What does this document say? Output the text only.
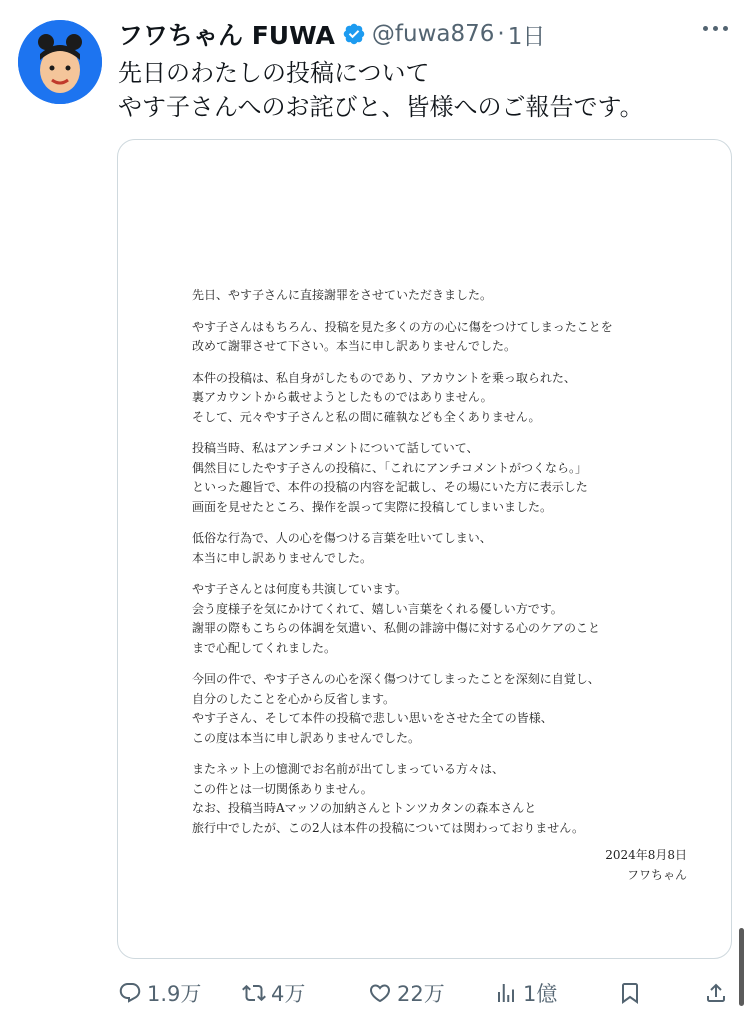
フワちゃん FUWA @fuwa876 · 1日
先日のわたしの投稿について
やす子さんへのお詫びと、皆様へのご報告です。
先日、やす子さんに直接謝罪をさせていただきました。
やす子さんはもちろん、投稿を見た多くの方の心に傷をつけてしまったことを
改めて謝罪させて下さい。本当に申し訳ありませんでした。
本件の投稿は、私自身がしたものであり、アカウントを乗っ取られた、
裏アカウントから載せようとしたものではありません。
そして、元々やす子さんと私の間に確執なども全くありません。
投稿当時、私はアンチコメントについて話していて、
偶然目にしたやす子さんの投稿に、「これにアンチコメントがつくなら。」
といった趣旨で、本件の投稿の内容を記載し、その場にいた方に表示した
画面を見せたところ、操作を誤って実際に投稿してしまいました。
低俗な行為で、人の心を傷つける言葉を吐いてしまい、
本当に申し訳ありませんでした。
やす子さんとは何度も共演しています。
会う度様子を気にかけてくれて、嬉しい言葉をくれる優しい方です。
謝罪の際もこちらの体調を気遣い、私側の誹謗中傷に対する心のケアのこと
まで心配してくれました。
今回の件で、やす子さんの心を深く傷つけてしまったことを深刻に自覚し、
自分のしたことを心から反省します。
やす子さん、そして本件の投稿で悲しい思いをさせた全ての皆様、
この度は本当に申し訳ありませんでした。
またネット上の憶測でお名前が出てしまっている方々は、
この件とは一切関係ありません。
なお、投稿当時Aマッソの加納さんとトンツカタンの森本さんと
旅行中でしたが、この2人は本件の投稿については関わっておりません。
2024年8月8日
フワちゃん
1.9万	4万	22万	1億
